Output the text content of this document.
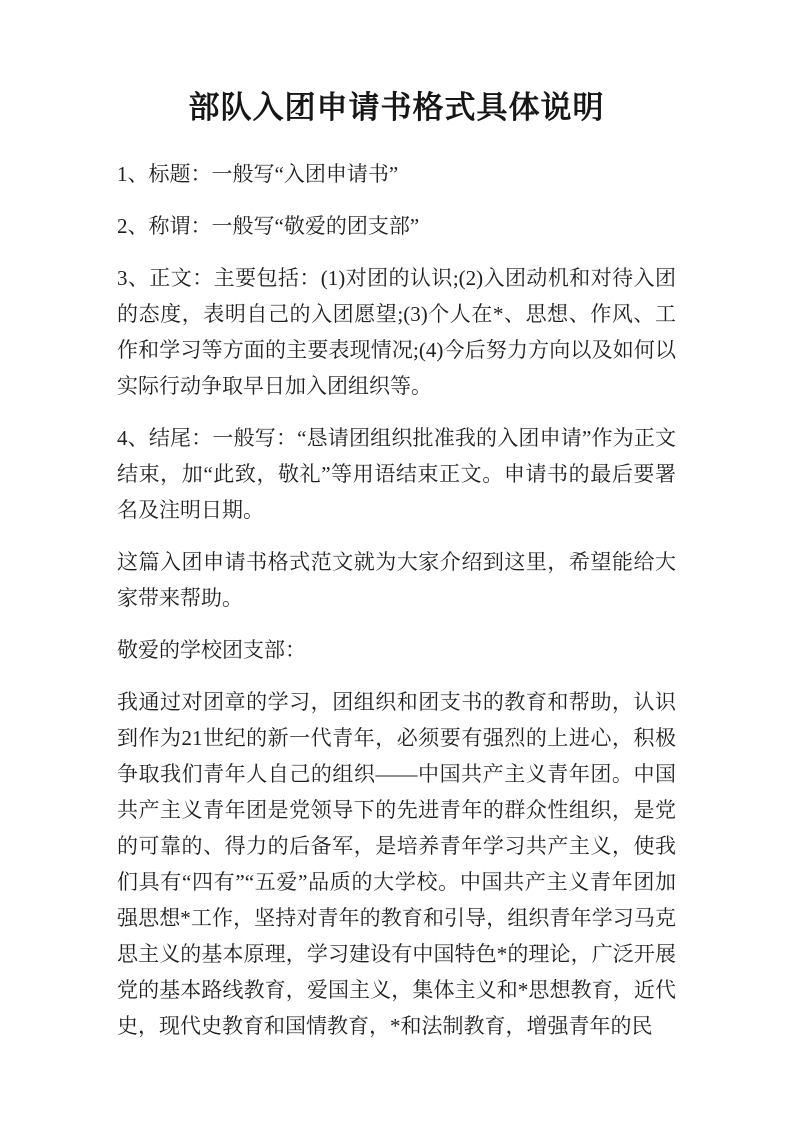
部队入团申请书格式具体说明

1、标题：一般写“入团申请书”

2、称谓：一般写“敬爱的团支部”

3、正文：主要包括：(1)对团的认识;(2)入团动机和对待入团的态度，表明自己的入团愿望;(3)个人在*、思想、作风、工作和学习等方面的主要表现情况;(4)今后努力方向以及如何以实际行动争取早日加入团组织等。

4、结尾：一般写：“恳请团组织批准我的入团申请”作为正文结束，加“此致，敬礼”等用语结束正文。申请书的最后要署名及注明日期。

这篇入团申请书格式范文就为大家介绍到这里，希望能给大家带来帮助。

敬爱的学校团支部：

我通过对团章的学习，团组织和团支书的教育和帮助，认识到作为21世纪的新一代青年，必须要有强烈的上进心，积极争取我们青年人自己的组织——中国共产主义青年团。中国共产主义青年团是党领导下的先进青年的群众性组织，是党的可靠的、得力的后备军，是培养青年学习共产主义，使我们具有“四有”“五爱”品质的大学校。中国共产主义青年团加强思想*工作，坚持对青年的教育和引导，组织青年学习马克思主义的基本原理，学习建设有中国特色*的理论，广泛开展党的基本路线教育，爱国主义，集体主义和*思想教育，近代史，现代史教育和国情教育，*和法制教育，增强青年的民
